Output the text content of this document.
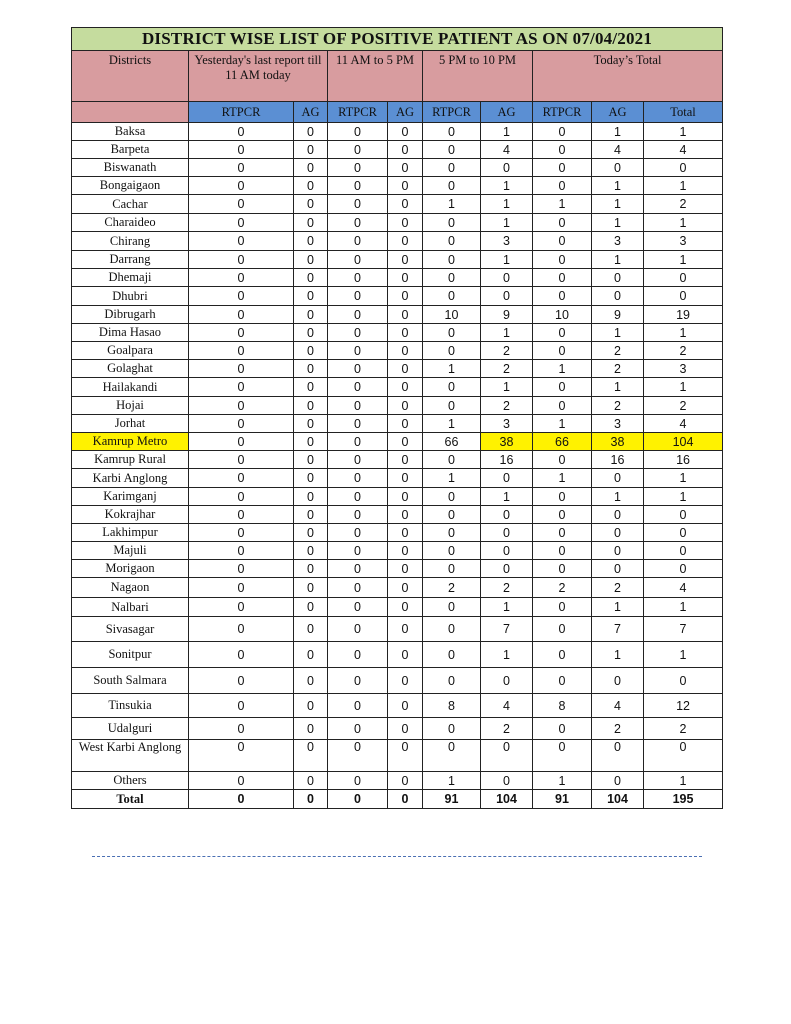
DISTRICT WISE LIST OF POSITIVE PATIENT AS ON 07/04/2021									
Districts	Yesterday's last report till 11 AM today		11 AM to 5 PM		5 PM to 10 PM		Today’s Total		
	RTPCR	AG	RTPCR	AG	RTPCR	AG	RTPCR	AG	Total
Baksa	0	0	0	0	0	1	0	1	1
Barpeta	0	0	0	0	0	4	0	4	4
Biswanath	0	0	0	0	0	0	0	0	0
Bongaigaon	0	0	0	0	0	1	0	1	1
Cachar	0	0	0	0	1	1	1	1	2
Charaideo	0	0	0	0	0	1	0	1	1
Chirang	0	0	0	0	0	3	0	3	3
Darrang	0	0	0	0	0	1	0	1	1
Dhemaji	0	0	0	0	0	0	0	0	0
Dhubri	0	0	0	0	0	0	0	0	0
Dibrugarh	0	0	0	0	10	9	10	9	19
Dima Hasao	0	0	0	0	0	1	0	1	1
Goalpara	0	0	0	0	0	2	0	2	2
Golaghat	0	0	0	0	1	2	1	2	3
Hailakandi	0	0	0	0	0	1	0	1	1
Hojai	0	0	0	0	0	2	0	2	2
Jorhat	0	0	0	0	1	3	1	3	4
Kamrup Metro	0	0	0	0	66	38	66	38	104
Kamrup Rural	0	0	0	0	0	16	0	16	16
Karbi Anglong	0	0	0	0	1	0	1	0	1
Karimganj	0	0	0	0	0	1	0	1	1
Kokrajhar	0	0	0	0	0	0	0	0	0
Lakhimpur	0	0	0	0	0	0	0	0	0
Majuli	0	0	0	0	0	0	0	0	0
Morigaon	0	0	0	0	0	0	0	0	0
Nagaon	0	0	0	0	2	2	2	2	4
Nalbari	0	0	0	0	0	1	0	1	1
Sivasagar	0	0	0	0	0	7	0	7	7
Sonitpur	0	0	0	0	0	1	0	1	1
South Salmara	0	0	0	0	0	0	0	0	0
Tinsukia	0	0	0	0	8	4	8	4	12
Udalguri	0	0	0	0	0	2	0	2	2
West Karbi Anglong	0	0	0	0	0	0	0	0	0
Others	0	0	0	0	1	0	1	0	1
Total	0	0	0	0	91	104	91	104	195
